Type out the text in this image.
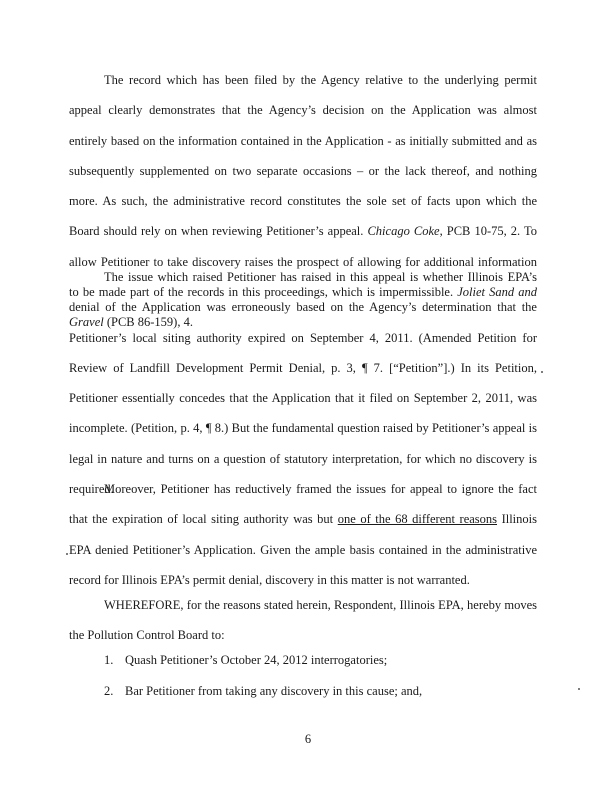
The record which has been filed by the Agency relative to the underlying permit appeal clearly demonstrates that the Agency’s decision on the Application was almost entirely based on the information contained in the Application - as initially submitted and as subsequently supplemented on two separate occasions – or the lack thereof, and nothing more. As such, the administrative record constitutes the sole set of facts upon which the Board should rely on when reviewing Petitioner’s appeal. Chicago Coke, PCB 10-75, 2. To allow Petitioner to take discovery raises the prospect of allowing for additional information to be made part of the records in this proceedings, which is impermissible. Joliet Sand and Gravel (PCB 86-159), 4.

The issue which raised Petitioner has raised in this appeal is whether Illinois EPA’s denial of the Application was erroneously based on the Agency’s determination that the Petitioner’s local siting authority expired on September 4, 2011. (Amended Petition for Review of Landfill Development Permit Denial, p. 3, ¶ 7. [“Petition”].) In its Petition, Petitioner essentially concedes that the Application that it filed on September 2, 2011, was incomplete. (Petition, p. 4, ¶ 8.) But the fundamental question raised by Petitioner’s appeal is legal in nature and turns on a question of statutory interpretation, for which no discovery is required.

Moreover, Petitioner has reductively framed the issues for appeal to ignore the fact that the expiration of local siting authority was but one of the 68 different reasons Illinois EPA denied Petitioner’s Application. Given the ample basis contained in the administrative record for Illinois EPA’s permit denial, discovery in this matter is not warranted.

WHEREFORE, for the reasons stated herein, Respondent, Illinois EPA, hereby moves the Pollution Control Board to:

1. Quash Petitioner’s October 24, 2012 interrogatories;

2. Bar Petitioner from taking any discovery in this cause; and,

6
